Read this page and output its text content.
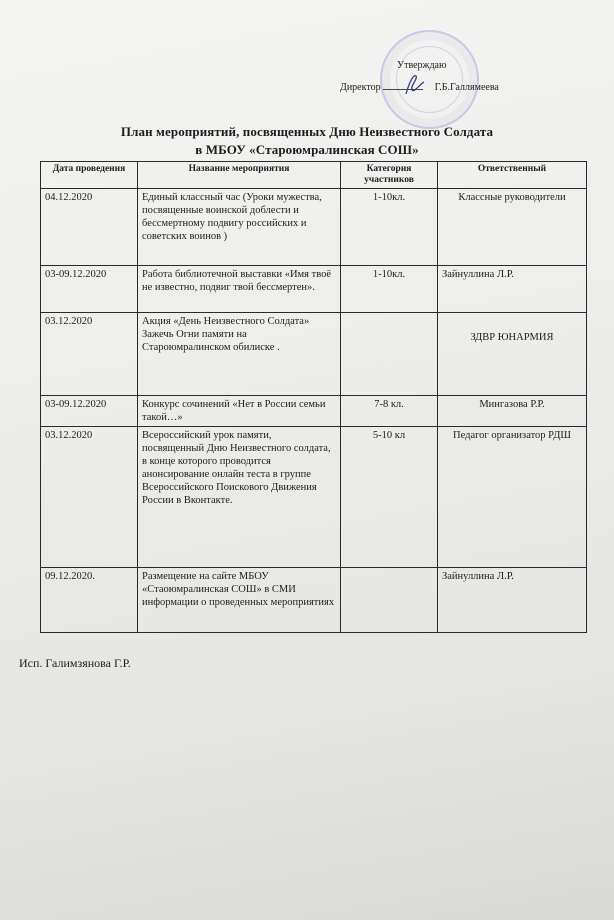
Утверждаю
Директор	Г.Б.Галлямеева
План мероприятий, посвященных Дню Неизвестного Солдата
в МБОУ «Староюмралинская СОШ»
Дата проведения	Название мероприятия	Категория участников	Ответственный
04.12.2020	Единый классный час (Уроки мужества, посвященные воинской доблести и бессмертному подвигу российских и советских воинов )	1-10кл.	Классные руководители
03-09.12.2020	Работа библиотечной выставки «Имя твоё не известно, подвиг твой бессмертен».	1-10кл.	Зайнуллина Л.Р.
03.12.2020	Акция «День Неизвестного Солдата» Зажечь Огни памяти на Староюмралинском обилиске .		ЗДВР ЮНАРМИЯ
03-09.12.2020	Конкурс сочинений «Нет в России семьи такой…»	7-8 кл.	Мингазова Р.Р.
03.12.2020	Всероссийский урок памяти, посвященный Дню Неизвестного солдата, в конце которого проводится анонсирование онлайн теста в группе Всероссийского Поискового Движения России в Вконтакте.	5-10 кл	Педагог организатор РДШ
09.12.2020.	Размещение на сайте МБОУ «Стаоюмралинская СОШ» в СМИ информации о проведенных мероприятиях		Зайнуллина Л.Р.
Исп. Галимзянова Г.Р.
